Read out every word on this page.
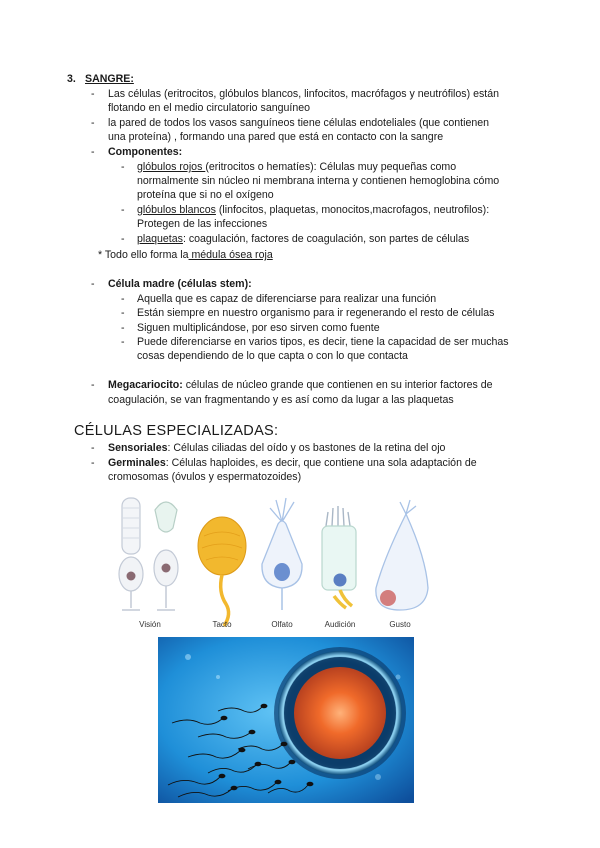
3. SANGRE:
- Las células (eritrocitos, glóbulos blancos, linfocitos, macrófagos y neutrófilos) están
flotando en el medio circulatorio sanguíneo
- la pared de todos los vasos sanguíneos tiene células endoteliales (que contienen
una proteína) , formando una pared que está en contacto con la sangre
- Componentes:
- glóbulos rojos (eritrocitos o hematíes): Células muy pequeñas como
normalmente sin núcleo ni membrana interna y contienen hemoglobina cómo
proteína que si no el oxígeno
- glóbulos blancos (linfocitos, plaquetas, monocitos,macrofagos, neutrofilos):
Protegen de las infecciones
- plaquetas: coagulación, factores de coagulación, son partes de células
* Todo ello forma la médula ósea roja
- Célula madre (células stem):
- Aquella que es capaz de diferenciarse para realizar una función
- Están siempre en nuestro organismo para ir regenerando el resto de células
- Siguen multiplicándose, por eso sirven como fuente
- Puede diferenciarse en varios tipos, es decir, tiene la capacidad de ser muchas
cosas dependiendo de lo que capta o con lo que contacta
- Megacariocito: células de núcleo grande que contienen en su interior factores de
coagulación, se van fragmentando y es así como da lugar a las plaquetas
CÉLULAS ESPECIALIZADAS:
- Sensoriales: Células ciliadas del oído y os bastones de la retina del ojo
- Germinales: Células haploides, es decir, que contiene una sola adaptación de
cromosomas (óvulos y espermatozoides)
Visión	Tacto	Olfato	Audición	Gusto
